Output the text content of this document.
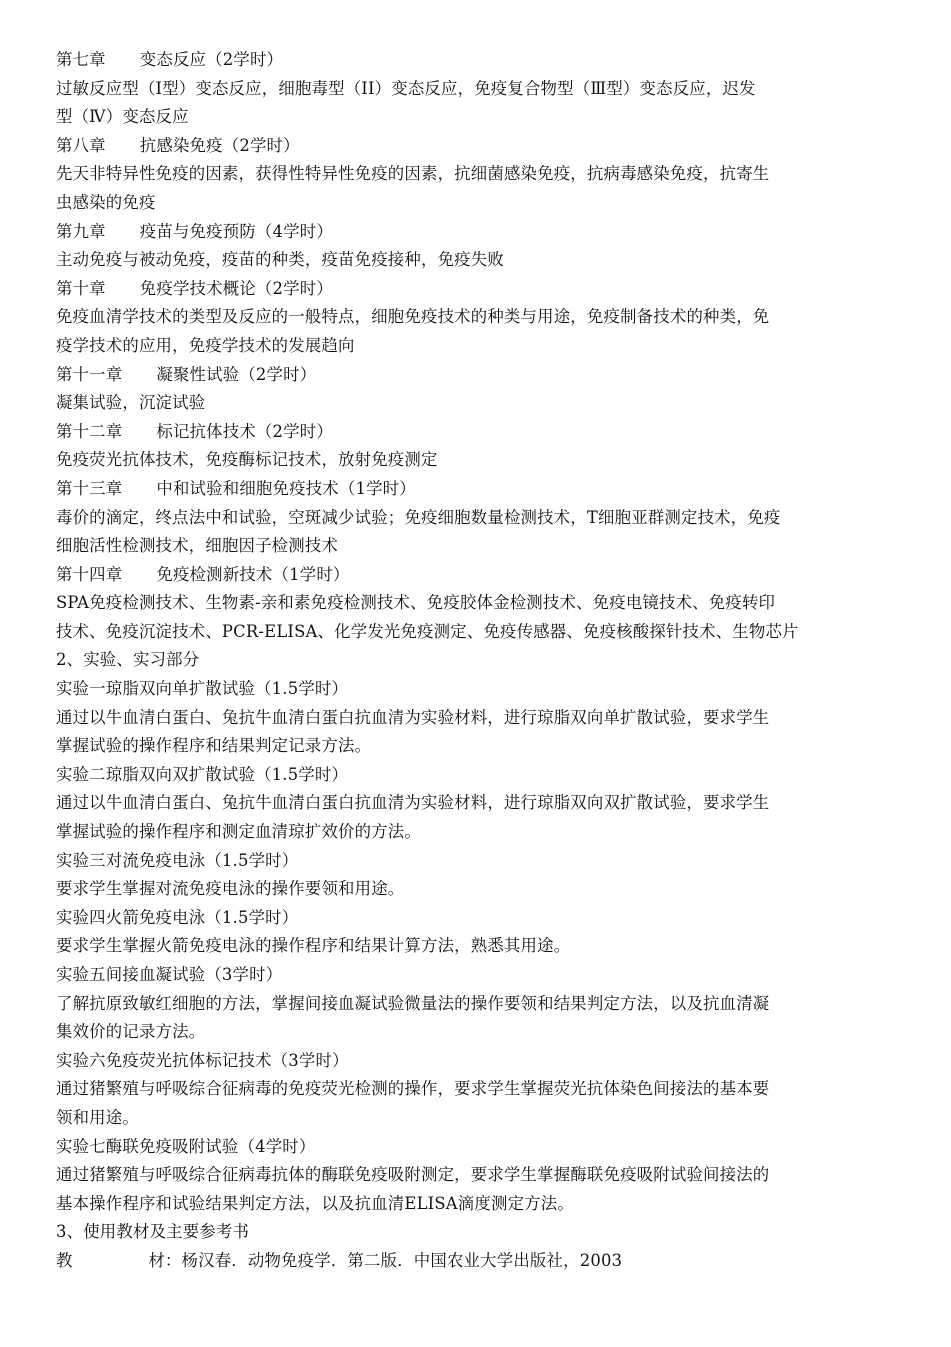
第七章 变态反应（2学时）

过敏反应型（Ⅰ型）变态反应，细胞毒型（II）变态反应，免疫复合物型（Ⅲ型）变态反应，迟发

型（Ⅳ）变态反应

第八章 抗感染免疫（2学时）

先天非特异性免疫的因素，获得性特异性免疫的因素，抗细菌感染免疫，抗病毒感染免疫，抗寄生

虫感染的免疫

第九章 疫苗与免疫预防（4学时）

主动免疫与被动免疫，疫苗的种类，疫苗免疫接种，免疫失败

第十章 免疫学技术概论（2学时）

免疫血清学技术的类型及反应的一般特点，细胞免疫技术的种类与用途，免疫制备技术的种类，免

疫学技术的应用，免疫学技术的发展趋向

第十一章 凝聚性试验（2学时）

凝集试验，沉淀试验

第十二章 标记抗体技术（2学时）

免疫荧光抗体技术，免疫酶标记技术，放射免疫测定

第十三章 中和试验和细胞免疫技术（1学时）

毒价的滴定，终点法中和试验，空斑减少试验；免疫细胞数量检测技术，T细胞亚群测定技术，免疫

细胞活性检测技术，细胞因子检测技术

第十四章 免疫检测新技术（1学时）

SPA免疫检测技术、生物素-亲和素免疫检测技术、免疫胶体金检测技术、免疫电镜技术、免疫转印

技术、免疫沉淀技术、PCR-ELISA、化学发光免疫测定、免疫传感器、免疫核酸探针技术、生物芯片

2、实验、实习部分

实验一琼脂双向单扩散试验（1.5学时）

通过以牛血清白蛋白、兔抗牛血清白蛋白抗血清为实验材料，进行琼脂双向单扩散试验，要求学生

掌握试验的操作程序和结果判定记录方法。

实验二琼脂双向双扩散试验（1.5学时）

通过以牛血清白蛋白、兔抗牛血清白蛋白抗血清为实验材料，进行琼脂双向双扩散试验，要求学生

掌握试验的操作程序和测定血清琼扩效价的方法。

实验三对流免疫电泳（1.5学时）

要求学生掌握对流免疫电泳的操作要领和用途。

实验四火箭免疫电泳（1.5学时）

要求学生掌握火箭免疫电泳的操作程序和结果计算方法，熟悉其用途。

实验五间接血凝试验（3学时）

了解抗原致敏红细胞的方法，掌握间接血凝试验微量法的操作要领和结果判定方法，以及抗血清凝

集效价的记录方法。

实验六免疫荧光抗体标记技术（3学时）

通过猪繁殖与呼吸综合征病毒的免疫荧光检测的操作，要求学生掌握荧光抗体染色间接法的基本要

领和用途。

实验七酶联免疫吸附试验（4学时）

通过猪繁殖与呼吸综合征病毒抗体的酶联免疫吸附测定，要求学生掌握酶联免疫吸附试验间接法的

基本操作程序和试验结果判定方法，以及抗血清ELISA滴度测定方法。

3、使用教材及主要参考书

教              材：杨汉春．动物免疫学．第二版．中国农业大学出版社，2003
